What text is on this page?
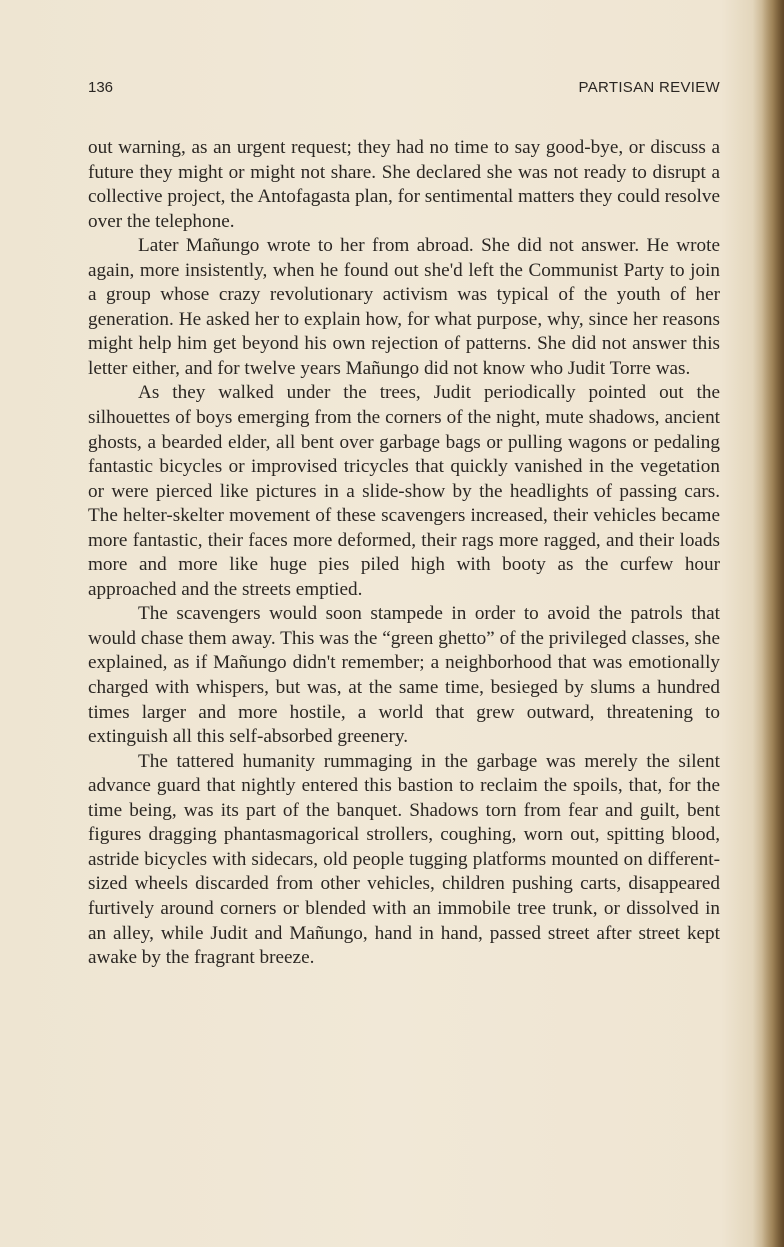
136	PARTISAN REVIEW

out warning, as an urgent request; they had no time to say good-bye, or discuss a future they might or might not share. She declared she was not ready to disrupt a collective project, the Antofagasta plan, for sentimental matters they could resolve over the telephone.

Later Mañungo wrote to her from abroad. She did not answer. He wrote again, more insistently, when he found out she'd left the Communist Party to join a group whose crazy revolutionary activism was typical of the youth of her generation. He asked her to explain how, for what purpose, why, since her reasons might help him get beyond his own rejection of patterns. She did not answer this letter either, and for twelve years Mañungo did not know who Judit Torre was.

As they walked under the trees, Judit periodically pointed out the silhouettes of boys emerging from the corners of the night, mute shadows, ancient ghosts, a bearded elder, all bent over garbage bags or pulling wagons or pedaling fantastic bicycles or improvised tricycles that quickly vanished in the vegetation or were pierced like pictures in a slide-show by the headlights of passing cars. The helter-skelter movement of these scavengers increased, their vehicles became more fantastic, their faces more deformed, their rags more ragged, and their loads more and more like huge pies piled high with booty as the curfew hour approached and the streets emptied.

The scavengers would soon stampede in order to avoid the patrols that would chase them away. This was the “green ghetto” of the privileged classes, she explained, as if Mañungo didn't remember; a neighborhood that was emotionally charged with whispers, but was, at the same time, besieged by slums a hundred times larger and more hostile, a world that grew outward, threatening to extinguish all this self-absorbed greenery.

The tattered humanity rummaging in the garbage was merely the silent advance guard that nightly entered this bastion to reclaim the spoils, that, for the time being, was its part of the banquet. Shadows torn from fear and guilt, bent figures dragging phantasmagorical strollers, coughing, worn out, spitting blood, astride bicycles with sidecars, old people tugging platforms mounted on different-sized wheels discarded from other vehicles, children pushing carts, disappeared furtively around corners or blended with an immobile tree trunk, or dissolved in an alley, while Judit and Mañungo, hand in hand, passed street after street kept awake by the fragrant breeze.
